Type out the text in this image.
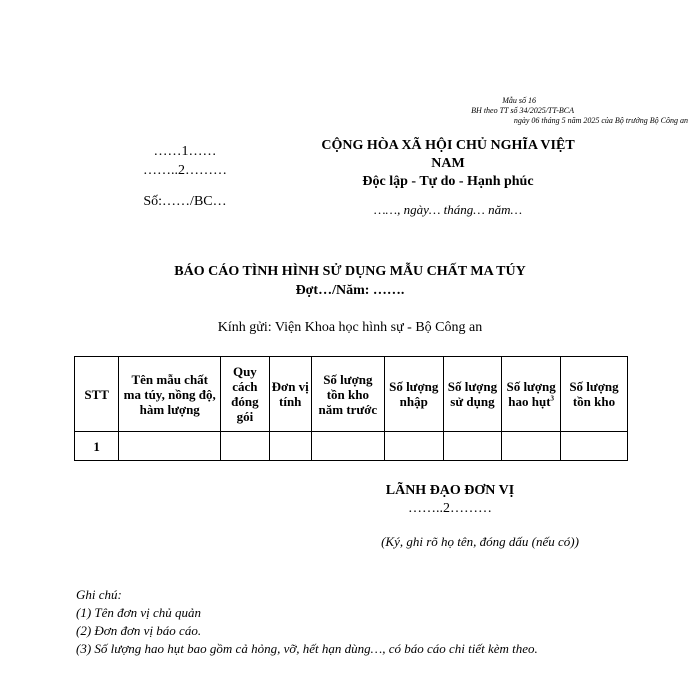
Mẫu số 16
BH theo TT số 34/2025/TT-BCA
ngày 06 tháng 5 năm 2025 của Bộ trưởng Bộ Công an
……1……
……..2………
Số:……/BC…
CỘNG HÒA XÃ HỘI CHỦ NGHĨA VIỆT
NAM
Độc lập - Tự do - Hạnh phúc
……, ngày… tháng… năm…
BÁO CÁO TÌNH HÌNH SỬ DỤNG MẪU CHẤT MA TÚY
Đợt…/Năm: …….
Kính gửi: Viện Khoa học hình sự - Bộ Công an
STT	Tên mẫu chất ma túy, nồng độ, hàm lượng	Quy cách đóng gói	Đơn vị tính	Số lượng tồn kho năm trước	Số lượng nhập	Số lượng sử dụng	Số lượng hao hụt$^3$	Số lượng tồn kho
1								
LÃNH ĐẠO ĐƠN VỊ
……..2………
(Ký, ghi rõ họ tên, đóng dấu (nếu có))
Ghi chú:
(1) Tên đơn vị chủ quản
(2) Đơn đơn vị báo cáo.
(3) Số lượng hao hụt bao gồm cả hỏng, vỡ, hết hạn dùng…, có báo cáo chi tiết kèm theo.
